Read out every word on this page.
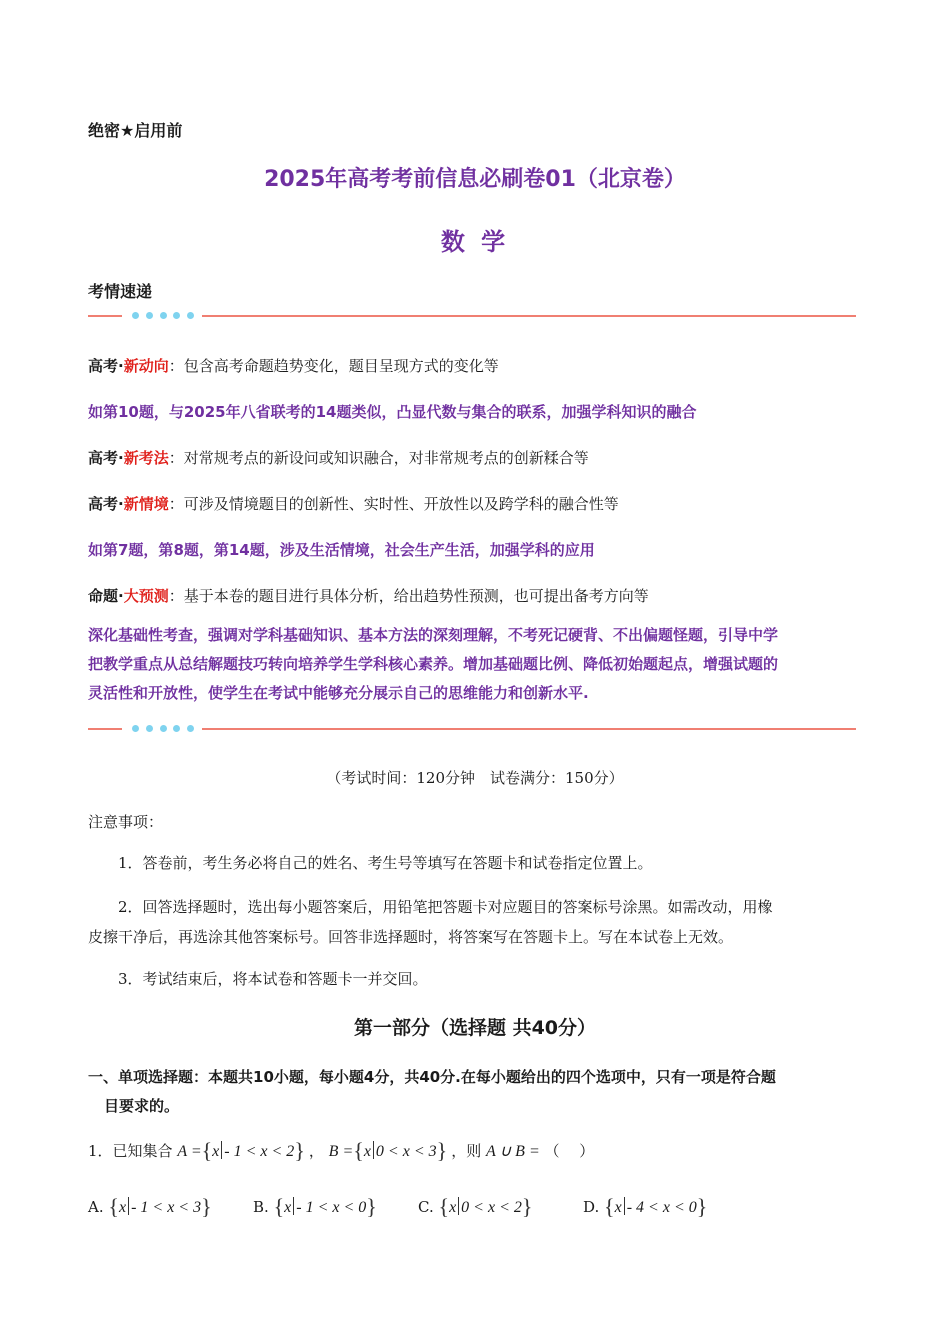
绝密★启用前
2025年高考考前信息必刷卷01（北京卷）
数 学
考情速递
高考·新动向：包含高考命题趋势变化，题目呈现方式的变化等
如第10题，与2025年八省联考的14题类似，凸显代数与集合的联系，加强学科知识的融合
高考·新考法：对常规考点的新设问或知识融合，对非常规考点的创新糅合等
高考·新情境：可涉及情境题目的创新性、实时性、开放性以及跨学科的融合性等
如第7题，第8题，第14题，涉及生活情境，社会生产生活，加强学科的应用
命题·大预测：基于本卷的题目进行具体分析，给出趋势性预测，也可提出备考方向等
深化基础性考查，强调对学科基础知识、基本方法的深刻理解，不考死记硬背、不出偏题怪题，引导中学
把教学重点从总结解题技巧转向培养学生学科核心素养。增加基础题比例、降低初始题起点，增强试题的
灵活性和开放性，使学生在考试中能够充分展示自己的思维能力和创新水平.
（考试时间：120分钟　试卷满分：150分）
注意事项：
1．答卷前，考生务必将自己的姓名、考生号等填写在答题卡和试卷指定位置上。
2．回答选择题时，选出每小题答案后，用铅笔把答题卡对应题目的答案标号涂黑。如需改动，用橡
皮擦干净后，再选涂其他答案标号。回答非选择题时，将答案写在答题卡上。写在本试卷上无效。
3．考试结束后，将本试卷和答题卡一并交回。
第一部分（选择题 共40分）
一、单项选择题：本题共10小题，每小题4分，共40分.在每小题给出的四个选项中，只有一项是符合题
目要求的。
1．已知集合 A ={x - 1 < x < 2} ， B ={x 0 < x < 3} ，则 A ∪ B = （　 ）
A. {x - 1 < x < 3}	B. {x - 1 < x < 0}	C. {x 0 < x < 2}	D. {x - 4 < x < 0}
